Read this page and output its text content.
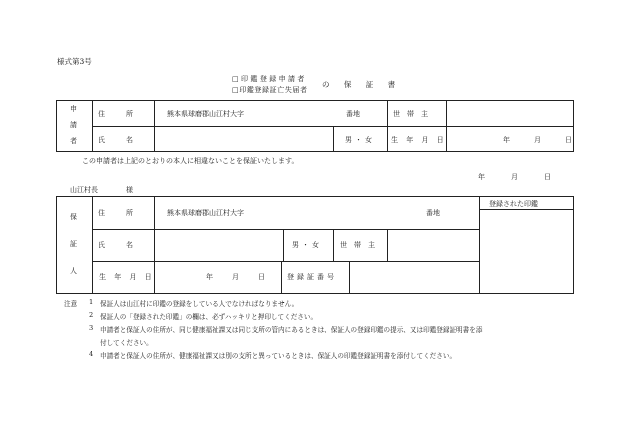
様式第3号
□印鑑登録申請者
□印鑑登録証亡失届者
の 保 証 書
申
請
者
住　　　所	熊本県球磨郡山江村大字	番地	世　帯　主
氏　　　名	男・女 生 年 月 日	年	月	日
この申請者は上記のとおりの本人に相違ないことを保証いたします。
年	月	日
山江村長　　　　様
保
証
人
住　　　所	熊本県球磨郡山江村大字	番地
登録された印鑑
氏　　　名	男・女	世　帯　主
生 年 月 日	年	月	日	登録証番号
注意 1 保証人は山江村に印鑑の登録をしている人でなければなりません。
2 保証人の「登録された印鑑」の欄は、必ずハッキリと押印してください。
3 申請者と保証人の住所が、同じ健康福祉課又は同じ支所の管内にあるときは、保証人の登録印鑑の提示、又は印鑑登録証明書を添
付してください。
4 申請者と保証人の住所が、健康福祉課又は別の支所と異っているときは、保証人の印鑑登録証明書を添付してください。
